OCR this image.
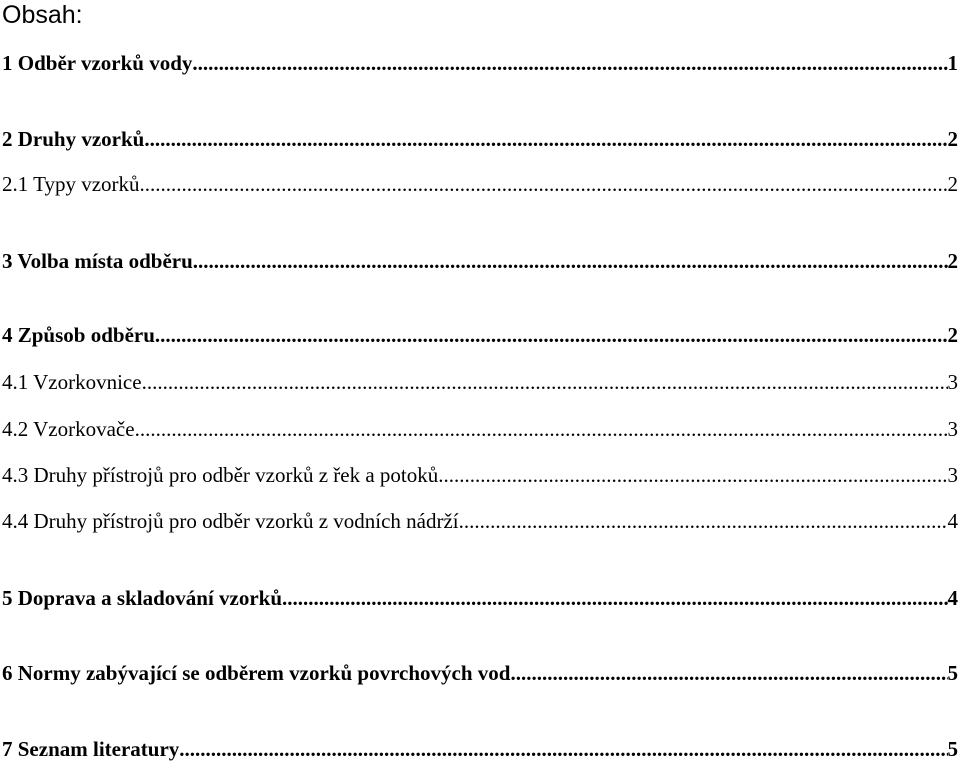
Obsah:
1 Odběr vzorků vody .....	1
2 Druhy vzorků .....	2
2.1 Typy vzorků .....	2
3 Volba místa odběru .....	2
4 Způsob odběru .....	2
4.1 Vzorkovnice .....	3
4.2 Vzorkovače .....	3
4.3 Druhy přístrojů pro odběr vzorků z řek a potoků .....	3
4.4 Druhy přístrojů pro odběr vzorků z vodních nádrží .....	4
5 Doprava a skladování vzorků .....	4
6 Normy zabývající se odběrem vzorků povrchových vod .....	5
7 Seznam literatury .....	5
